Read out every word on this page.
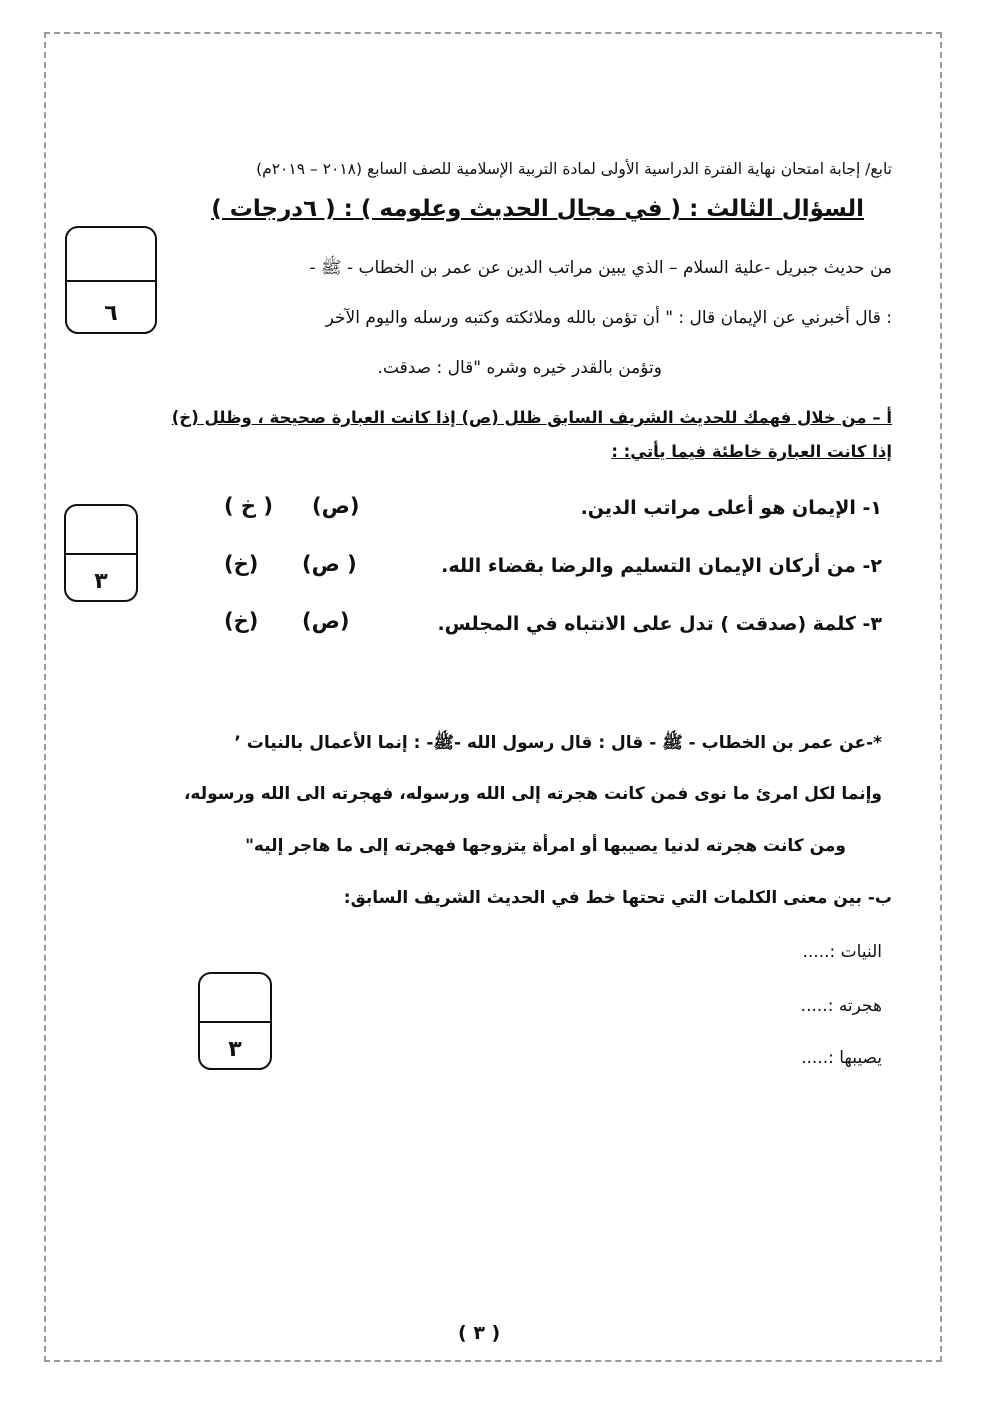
تابع/ إجابة امتحان نهاية الفترة الدراسية الأولى لمادة التربية الإسلامية للصف السابع (٢٠١٨ – ٢٠١٩م)
السؤال الثالث : ( في مجال الحديث وعلومه ) : ( ٦درجات )
٦
من حديث جبريل -علية السلام – الذي يبين مراتب الدين عن عمر بن الخطاب - ﷺ -
: قال أخبرني عن الإيمان قال : " أن تؤمن بالله وملائكته وكتبه ورسله واليوم الآخر
وتؤمن بالقدر خيره وشره "قال : صدقت.
أ – من خلال فهمك للحديث الشريف السابق ظلل (ص) إذا كانت العبارة صحيحة ، وظلل (خ)
إذا كانت العبارة خاطئة فيما يأتي: :
٣
١- الإيمان هو أعلى مراتب الدين.
(ص)
( خ )
٢- من أركان الإيمان التسليم والرضا بقضاء الله.
( ص)
(خ)
٣- كلمة (صدقت ) تدل على الانتباه في المجلس.
(ص)
(خ)
*-عن عمر بن الخطاب - ﷺ - قال : قال رسول الله -ﷺ- : إنما الأعمال بالنيات ’
وإنما لكل امرئ ما نوى فمن كانت هجرته إلى الله ورسوله، فهجرته الى الله ورسوله،
ومن كانت هجرته لدنيا يصيبها أو امرأة يتزوجها فهجرته إلى ما هاجر إليه"
ب- بين معنى الكلمات التي تحتها خط في الحديث الشريف السابق:
النيات :.....
هجرته :.....
يصيبها :.....
٣
( ٣ )
